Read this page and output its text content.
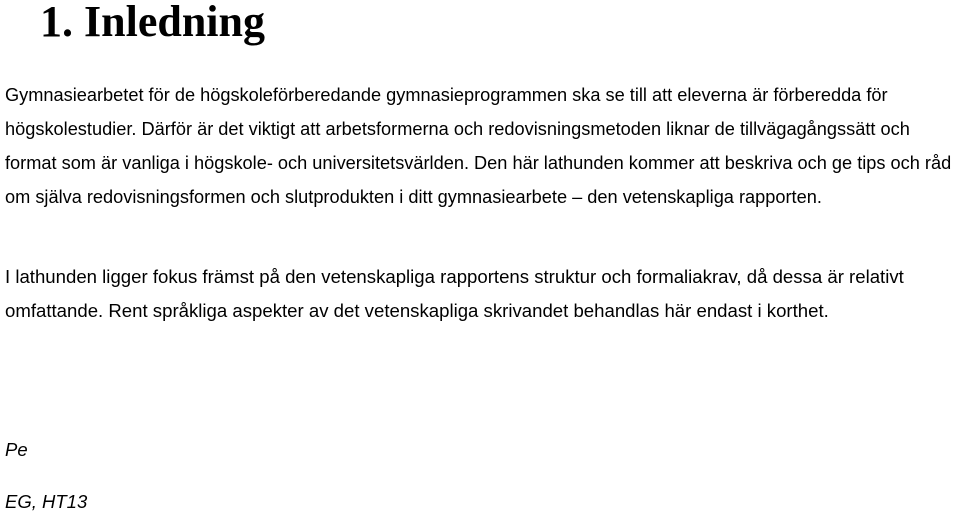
1. Inledning

Gymnasiearbetet för de högskoleförberedande gymnasieprogrammen ska se till att eleverna är förberedda för högskolestudier. Därför är det viktigt att arbetsformerna och redovisningsmetoden liknar de tillvägagångssätt och format som är vanliga i högskole- och universitetsvärlden. Den här lathunden kommer att beskriva och ge tips och råd om själva redovisningsformen och slutprodukten i ditt gymnasiearbete – den vetenskapliga rapporten.

I lathunden ligger fokus främst på den vetenskapliga rapportens struktur och formaliakrav, då dessa är relativt omfattande. Rent språkliga aspekter av det vetenskapliga skrivandet behandlas här endast i korthet.

Pe

EG, HT13
